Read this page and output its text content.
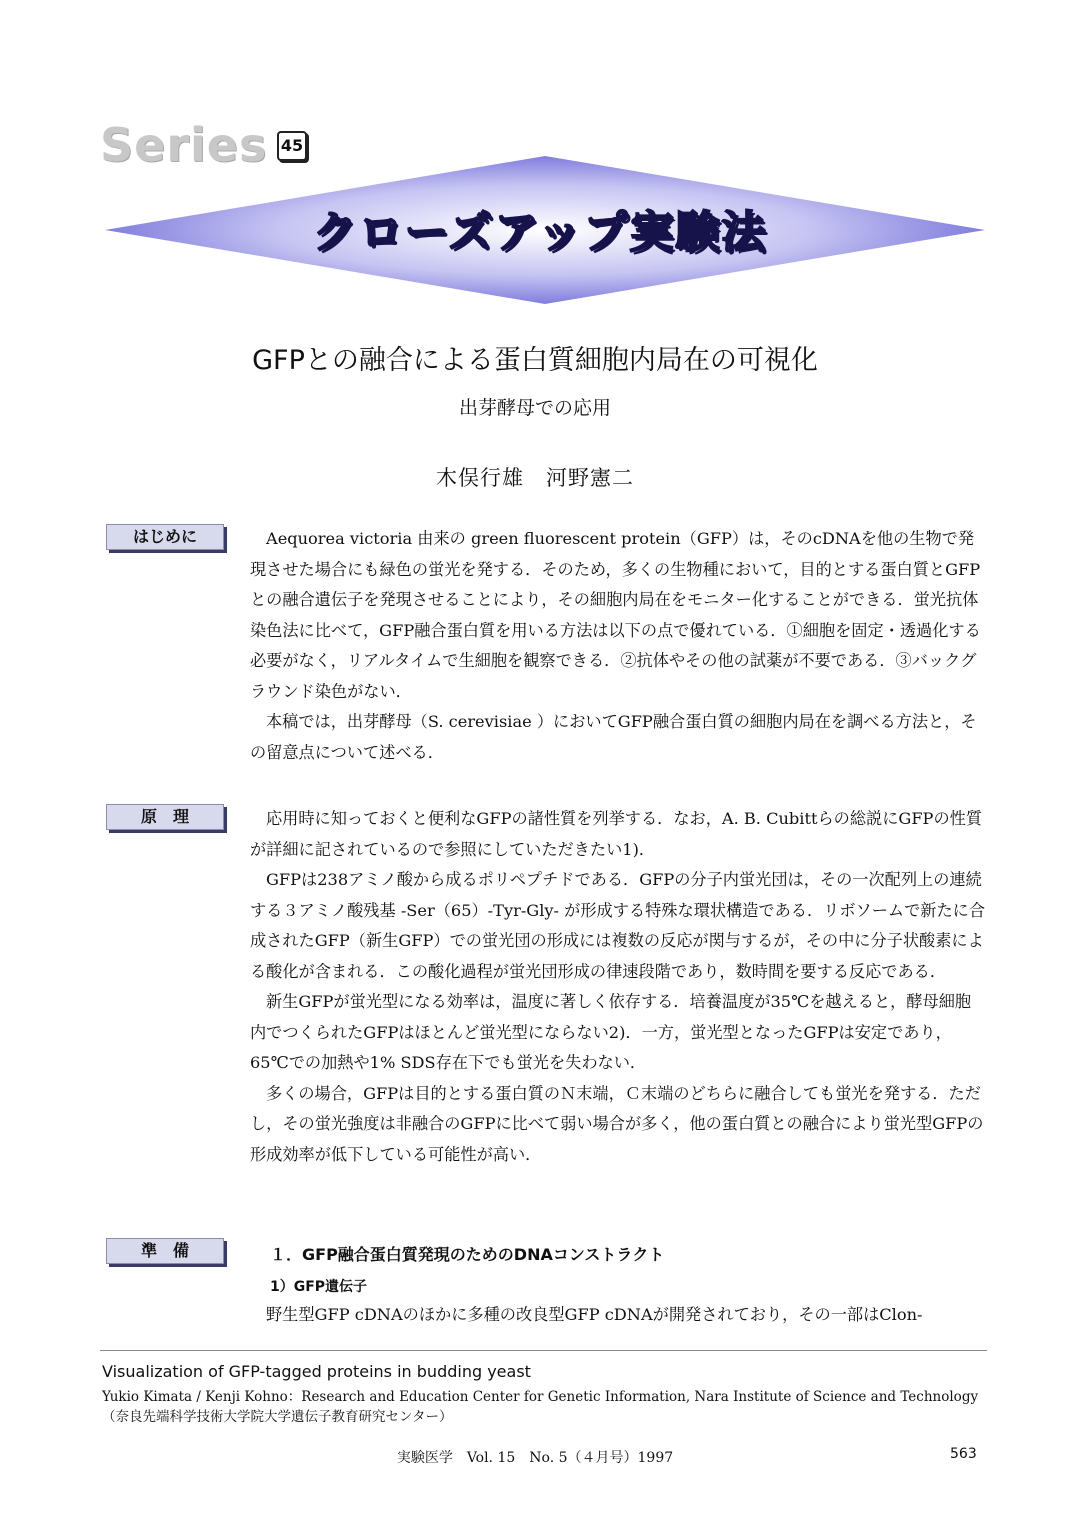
Series 45
クローズアップ実験法
GFPとの融合による蛋白質細胞内局在の可視化
出芽酵母での応用
木俣行雄　河野憲二
はじめに	Aequorea victoria 由来の green fluorescent protein（GFP）は，そのcDNAを他の生物で発現させた場合にも緑色の蛍光を発する．そのため，多くの生物種において，目的とする蛋白質とGFPとの融合遺伝子を発現させることにより，その細胞内局在をモニター化することができる．蛍光抗体染色法に比べて，GFP融合蛋白質を用いる方法は以下の点で優れている．①細胞を固定・透過化する必要がなく，リアルタイムで生細胞を観察できる．②抗体やその他の試薬が不要である．③バックグラウンド染色がない．

本稿では，出芽酵母（S. cerevisiae ）においてGFP融合蛋白質の細胞内局在を調べる方法と，その留意点について述べる．

原　理	応用時に知っておくと便利なGFPの諸性質を列挙する．なお，A. B. Cubittらの総説にGFPの性質が詳細に記されているので参照にしていただきたい1)．

GFPは238アミノ酸から成るポリペプチドである．GFPの分子内蛍光団は，その一次配列上の連続する３アミノ酸残基 -Ser（65）-Tyr-Gly- が形成する特殊な環状構造である．リボソームで新たに合成されたGFP（新生GFP）での蛍光団の形成には複数の反応が関与するが，その中に分子状酸素による酸化が含まれる．この酸化過程が蛍光団形成の律速段階であり，数時間を要する反応である．

新生GFPが蛍光型になる効率は，温度に著しく依存する．培養温度が35℃を越えると，酵母細胞内でつくられたGFPはほとんど蛍光型にならない2)．一方，蛍光型となったGFPは安定であり，65℃での加熱や1% SDS存在下でも蛍光を失わない．

多くの場合，GFPは目的とする蛋白質のＮ末端，Ｃ末端のどちらに融合しても蛍光を発する．ただし，その蛍光強度は非融合のGFPに比べて弱い場合が多く，他の蛋白質との融合により蛍光型GFPの形成効率が低下している可能性が高い．

準　備	１．GFP融合蛋白質発現のためのDNAコンストラクト
1）GFP遺伝子

野生型GFP cDNAのほかに多種の改良型GFP cDNAが開発されており，その一部はClon-

Visualization of GFP-tagged proteins in budding yeast
Yukio Kimata / Kenji Kohno：Research and Education Center for Genetic Information, Nara Institute of Science and Technology
（奈良先端科学技術大学院大学遺伝子教育研究センター）
実験医学　Vol. 15　No. 5（４月号）1997	563
